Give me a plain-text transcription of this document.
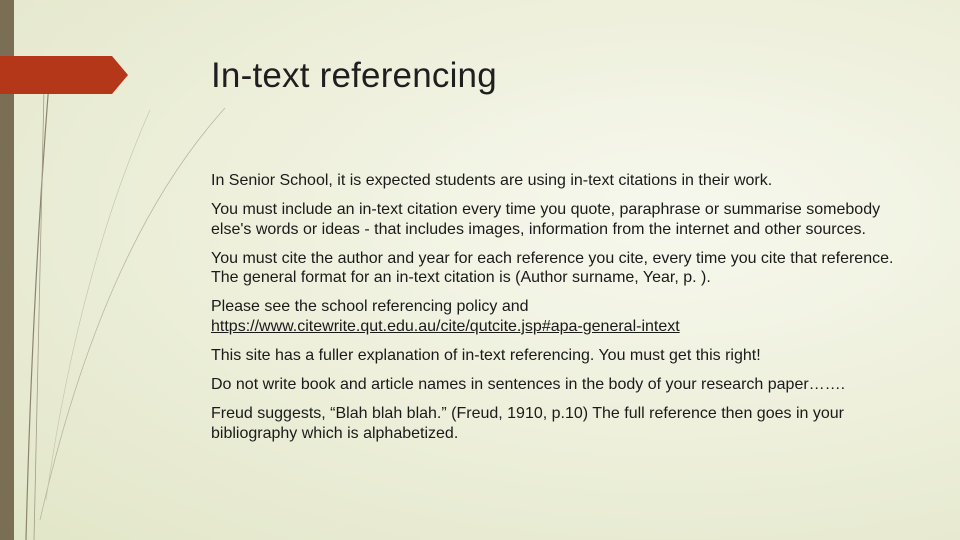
In-text referencing

In Senior School, it is expected students are using in-text citations in their work.

You must include an in-text citation every time you quote, paraphrase or summarise somebody else's words or ideas - that includes images, information from the internet and other sources.

You must cite the author and year for each reference you cite, every time you cite that reference. The general format for an in-text citation is (Author surname, Year, p. ).

Please see the school referencing policy and
https://www.citewrite.qut.edu.au/cite/qutcite.jsp#apa-general-intext

This site has a fuller explanation of in-text referencing. You must get this right!

Do not write book and article names in sentences in the body of your research paper…….

Freud suggests, “Blah blah blah.” (Freud, 1910, p.10) The full reference then goes in your bibliography which is alphabetized.
